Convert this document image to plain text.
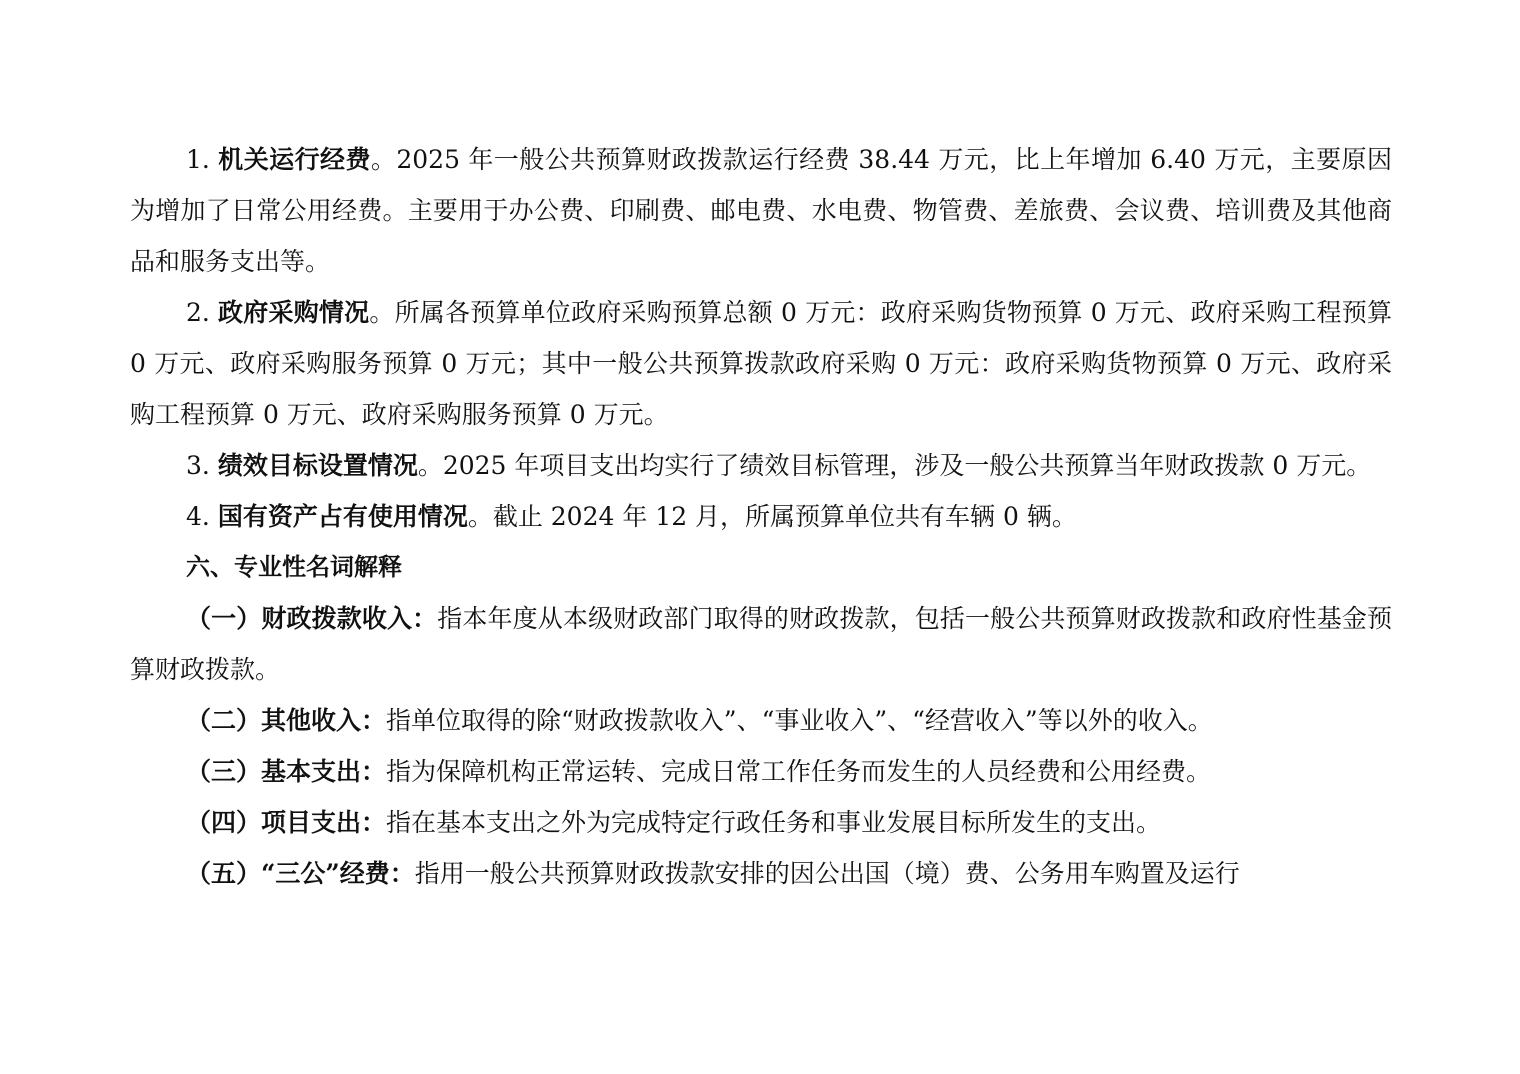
1. 机关运行经费。2025 年一般公共预算财政拨款运行经费 38.44 万元，比上年增加 6.40 万元，主要原因为增加了日常公用经费。主要用于办公费、印刷费、邮电费、水电费、物管费、差旅费、会议费、培训费及其他商品和服务支出等。

2. 政府采购情况。所属各预算单位政府采购预算总额 0 万元：政府采购货物预算 0 万元、政府采购工程预算 0 万元、政府采购服务预算 0 万元；其中一般公共预算拨款政府采购 0 万元：政府采购货物预算 0 万元、政府采购工程预算 0 万元、政府采购服务预算 0 万元。

3. 绩效目标设置情况。2025 年项目支出均实行了绩效目标管理，涉及一般公共预算当年财政拨款 0 万元。

4. 国有资产占有使用情况。截止 2024 年 12 月，所属预算单位共有车辆 0 辆。

六、专业性名词解释

（一）财政拨款收入：指本年度从本级财政部门取得的财政拨款，包括一般公共预算财政拨款和政府性基金预算财政拨款。

（二）其他收入：指单位取得的除“财政拨款收入”、“事业收入”、“经营收入”等以外的收入。

（三）基本支出：指为保障机构正常运转、完成日常工作任务而发生的人员经费和公用经费。

（四）项目支出：指在基本支出之外为完成特定行政任务和事业发展目标所发生的支出。

（五）“三公”经费：指用一般公共预算财政拨款安排的因公出国（境）费、公务用车购置及运行
